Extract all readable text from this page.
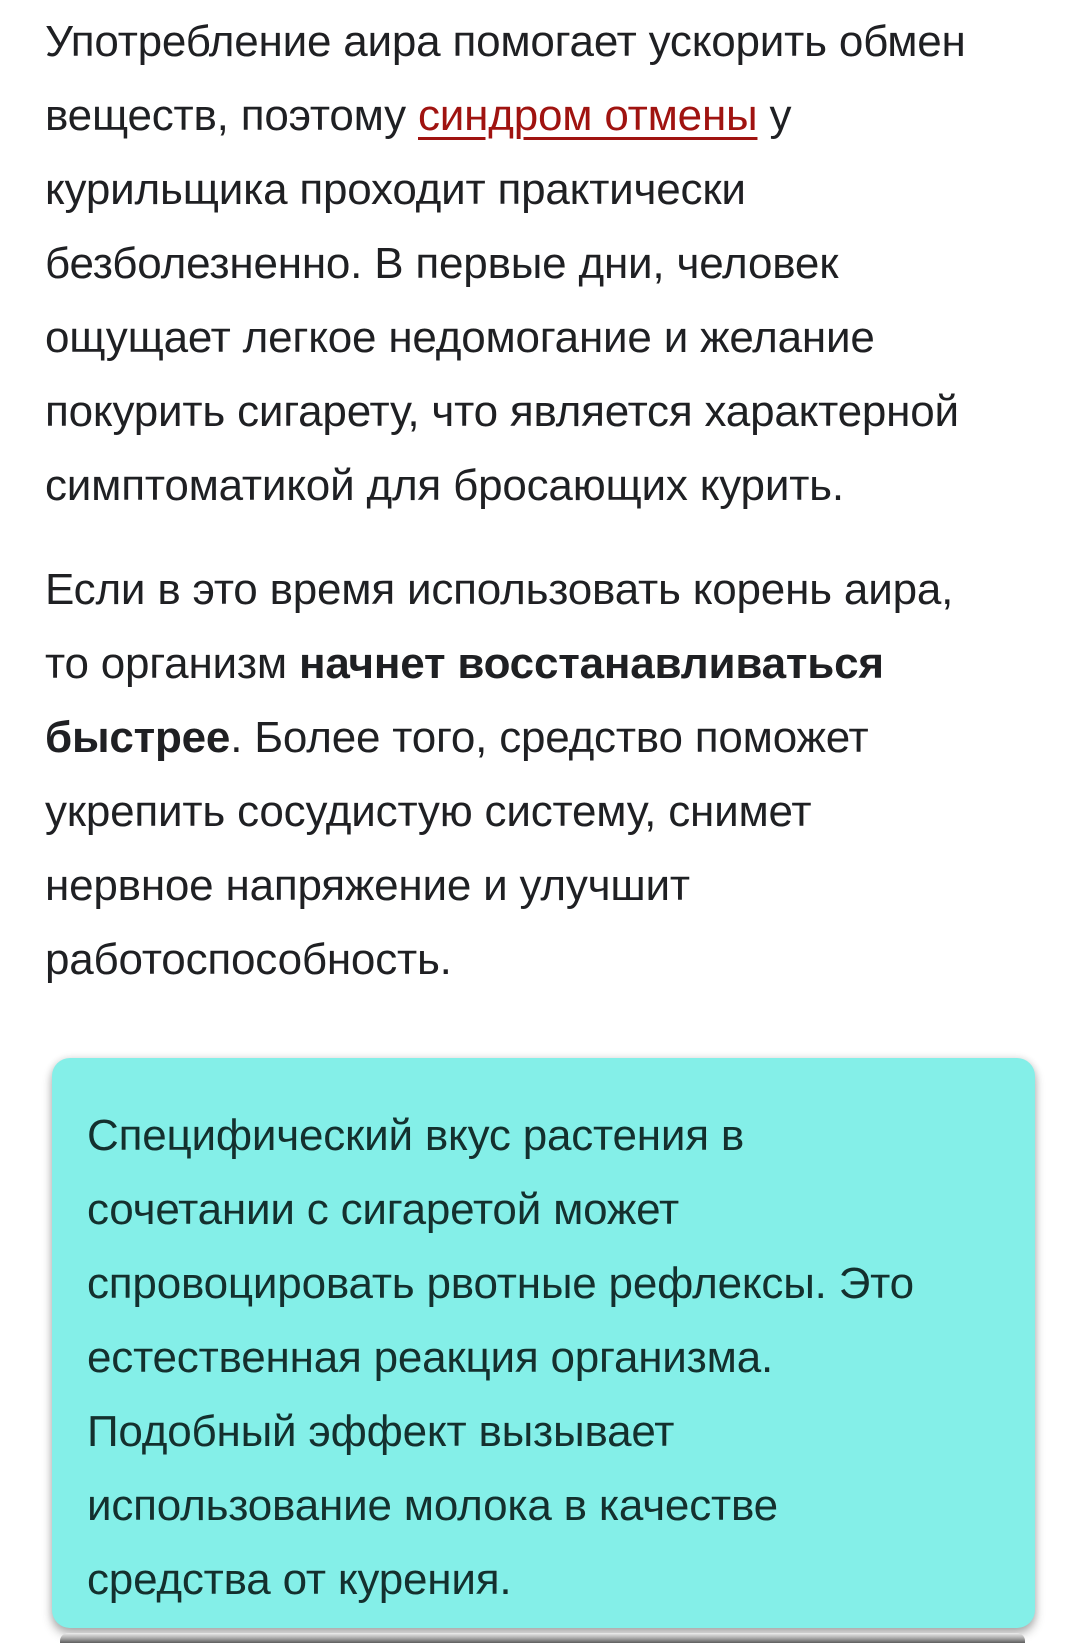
Употребление аира помогает ускорить обмен
веществ, поэтому синдром отмены у
курильщика проходит практически
безболезненно. В первые дни, человек
ощущает легкое недомогание и желание
покурить сигарету, что является характерной
симптоматикой для бросающих курить.

Если в это время использовать корень аира,
то организм начнет восстанавливаться
быстрее. Более того, средство поможет
укрепить сосудистую систему, снимет
нервное напряжение и улучшит
работоспособность.

Специфический вкус растения в
сочетании с сигаретой может
спровоцировать рвотные рефлексы. Это
естественная реакция организма.
Подобный эффект вызывает
использование молока в качестве
средства от курения.
